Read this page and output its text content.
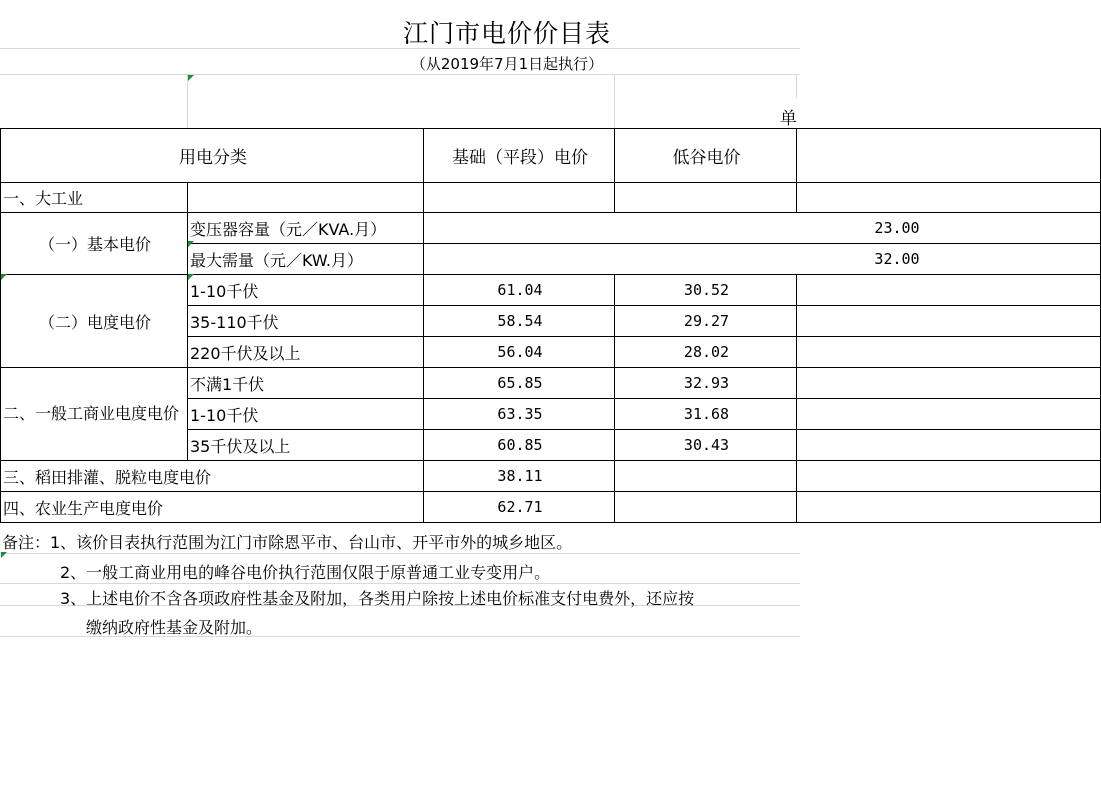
江门市电价价目表
（从2019年7月1日起执行）
单
用电分类		基础（平段）电价	低谷电价	
一、大工业				
（一）基本电价	变压器容量（元／KVA.月）	23.00		
	最大需量（元／KW.月）	32.00		
（二）电度电价	1-10千伏	61.04	30.52	
	35-110千伏	58.54	29.27	
	220千伏及以上	56.04	28.02	
二、一般工商业电度电价	不满1千伏	65.85	32.93	
	1-10千伏	63.35	31.68	
	35千伏及以上	60.85	30.43	
三、稻田排灌、脱粒电度电价		38.11		
四、农业生产电度电价		62.71		
备注：1、该价目表执行范围为江门市除恩平市、台山市、开平市外的城乡地区。
2、一般工商业用电的峰谷电价执行范围仅限于原普通工业专变用户。
3、上述电价不含各项政府性基金及附加，各类用户除按上述电价标准支付电费外，还应按
缴纳政府性基金及附加。
